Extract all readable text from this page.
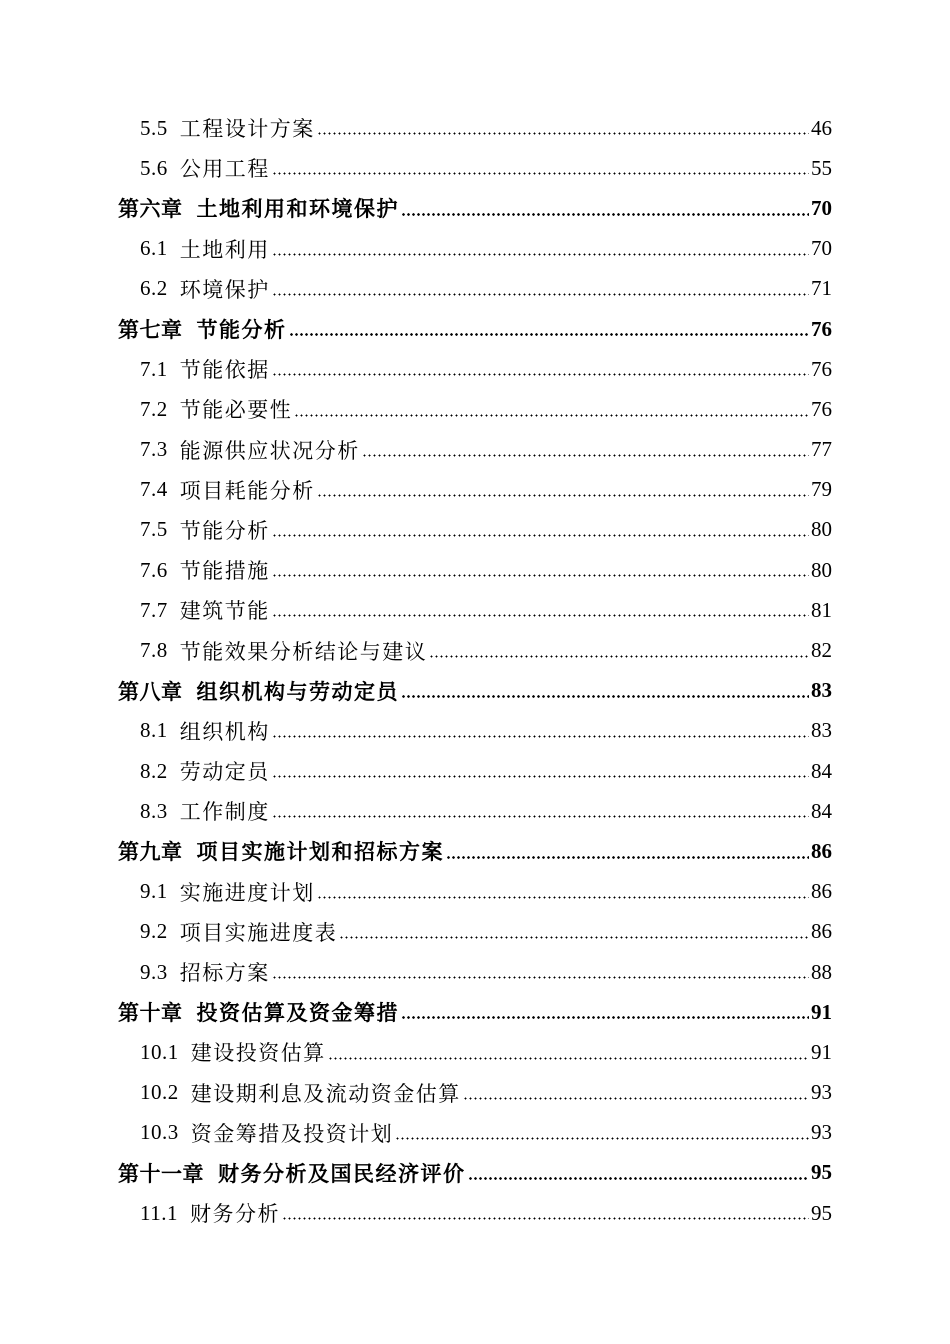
5.5 工程设计方案	46
5.6 公用工程	55
第六章 土地利用和环境保护	70
6.1 土地利用	70
6.2 环境保护	71
第七章 节能分析	76
7.1 节能依据	76
7.2 节能必要性	76
7.3 能源供应状况分析	77
7.4 项目耗能分析	79
7.5 节能分析	80
7.6 节能措施	80
7.7 建筑节能	81
7.8 节能效果分析结论与建议	82
第八章 组织机构与劳动定员	83
8.1 组织机构	83
8.2 劳动定员	84
8.3 工作制度	84
第九章 项目实施计划和招标方案	86
9.1 实施进度计划	86
9.2 项目实施进度表	86
9.3 招标方案	88
第十章 投资估算及资金筹措	91
10.1 建设投资估算	91
10.2 建设期利息及流动资金估算	93
10.3 资金筹措及投资计划	93
第十一章 财务分析及国民经济评价	95
11.1 财务分析	95
